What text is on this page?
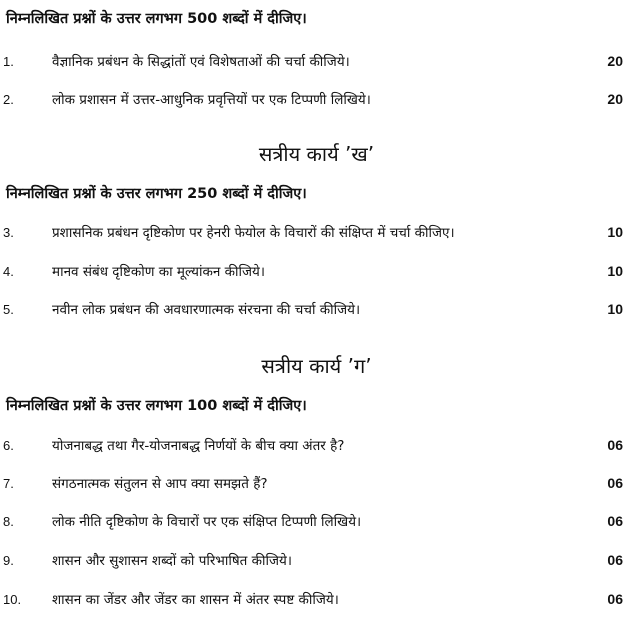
निम्नलिखित प्रश्नों के उत्तर लगभग 500 शब्दों में दीजिए।
1.	वैज्ञानिक प्रबंधन के सिद्धांतों एवं विशेषताओं की चर्चा कीजिये।	20
2.	लोक प्रशासन में उत्तर-आधुनिक प्रवृत्तियों पर एक टिप्पणी लिखिये।	20
सत्रीय कार्य ’ख’
निम्नलिखित प्रश्नों के उत्तर लगभग 250 शब्दों में दीजिए।
3.	प्रशासनिक प्रबंधन दृष्टिकोण पर हेनरी फेयोल के विचारों की संक्षिप्त में चर्चा कीजिए।	10
4.	मानव संबंध दृष्टिकोण का मूल्यांकन कीजिये।	10
5.	नवीन लोक प्रबंधन की अवधारणात्मक संरचना की चर्चा कीजिये।	10
सत्रीय कार्य ’ग’
निम्नलिखित प्रश्नों के उत्तर लगभग 100 शब्दों में दीजिए।
6.	योजनाबद्ध तथा गैर-योजनाबद्ध निर्णयों के बीच क्या अंतर है?	06
7.	संगठनात्मक संतुलन से आप क्या समझते हैं?	06
8.	लोक नीति दृष्टिकोण के विचारों पर एक संक्षिप्त टिप्पणी लिखिये।	06
9.	शासन और सुशासन शब्दों को परिभाषित कीजिये।	06
10. शासन का जेंडर और जेंडर का शासन में अंतर स्पष्ट कीजिये।	06
